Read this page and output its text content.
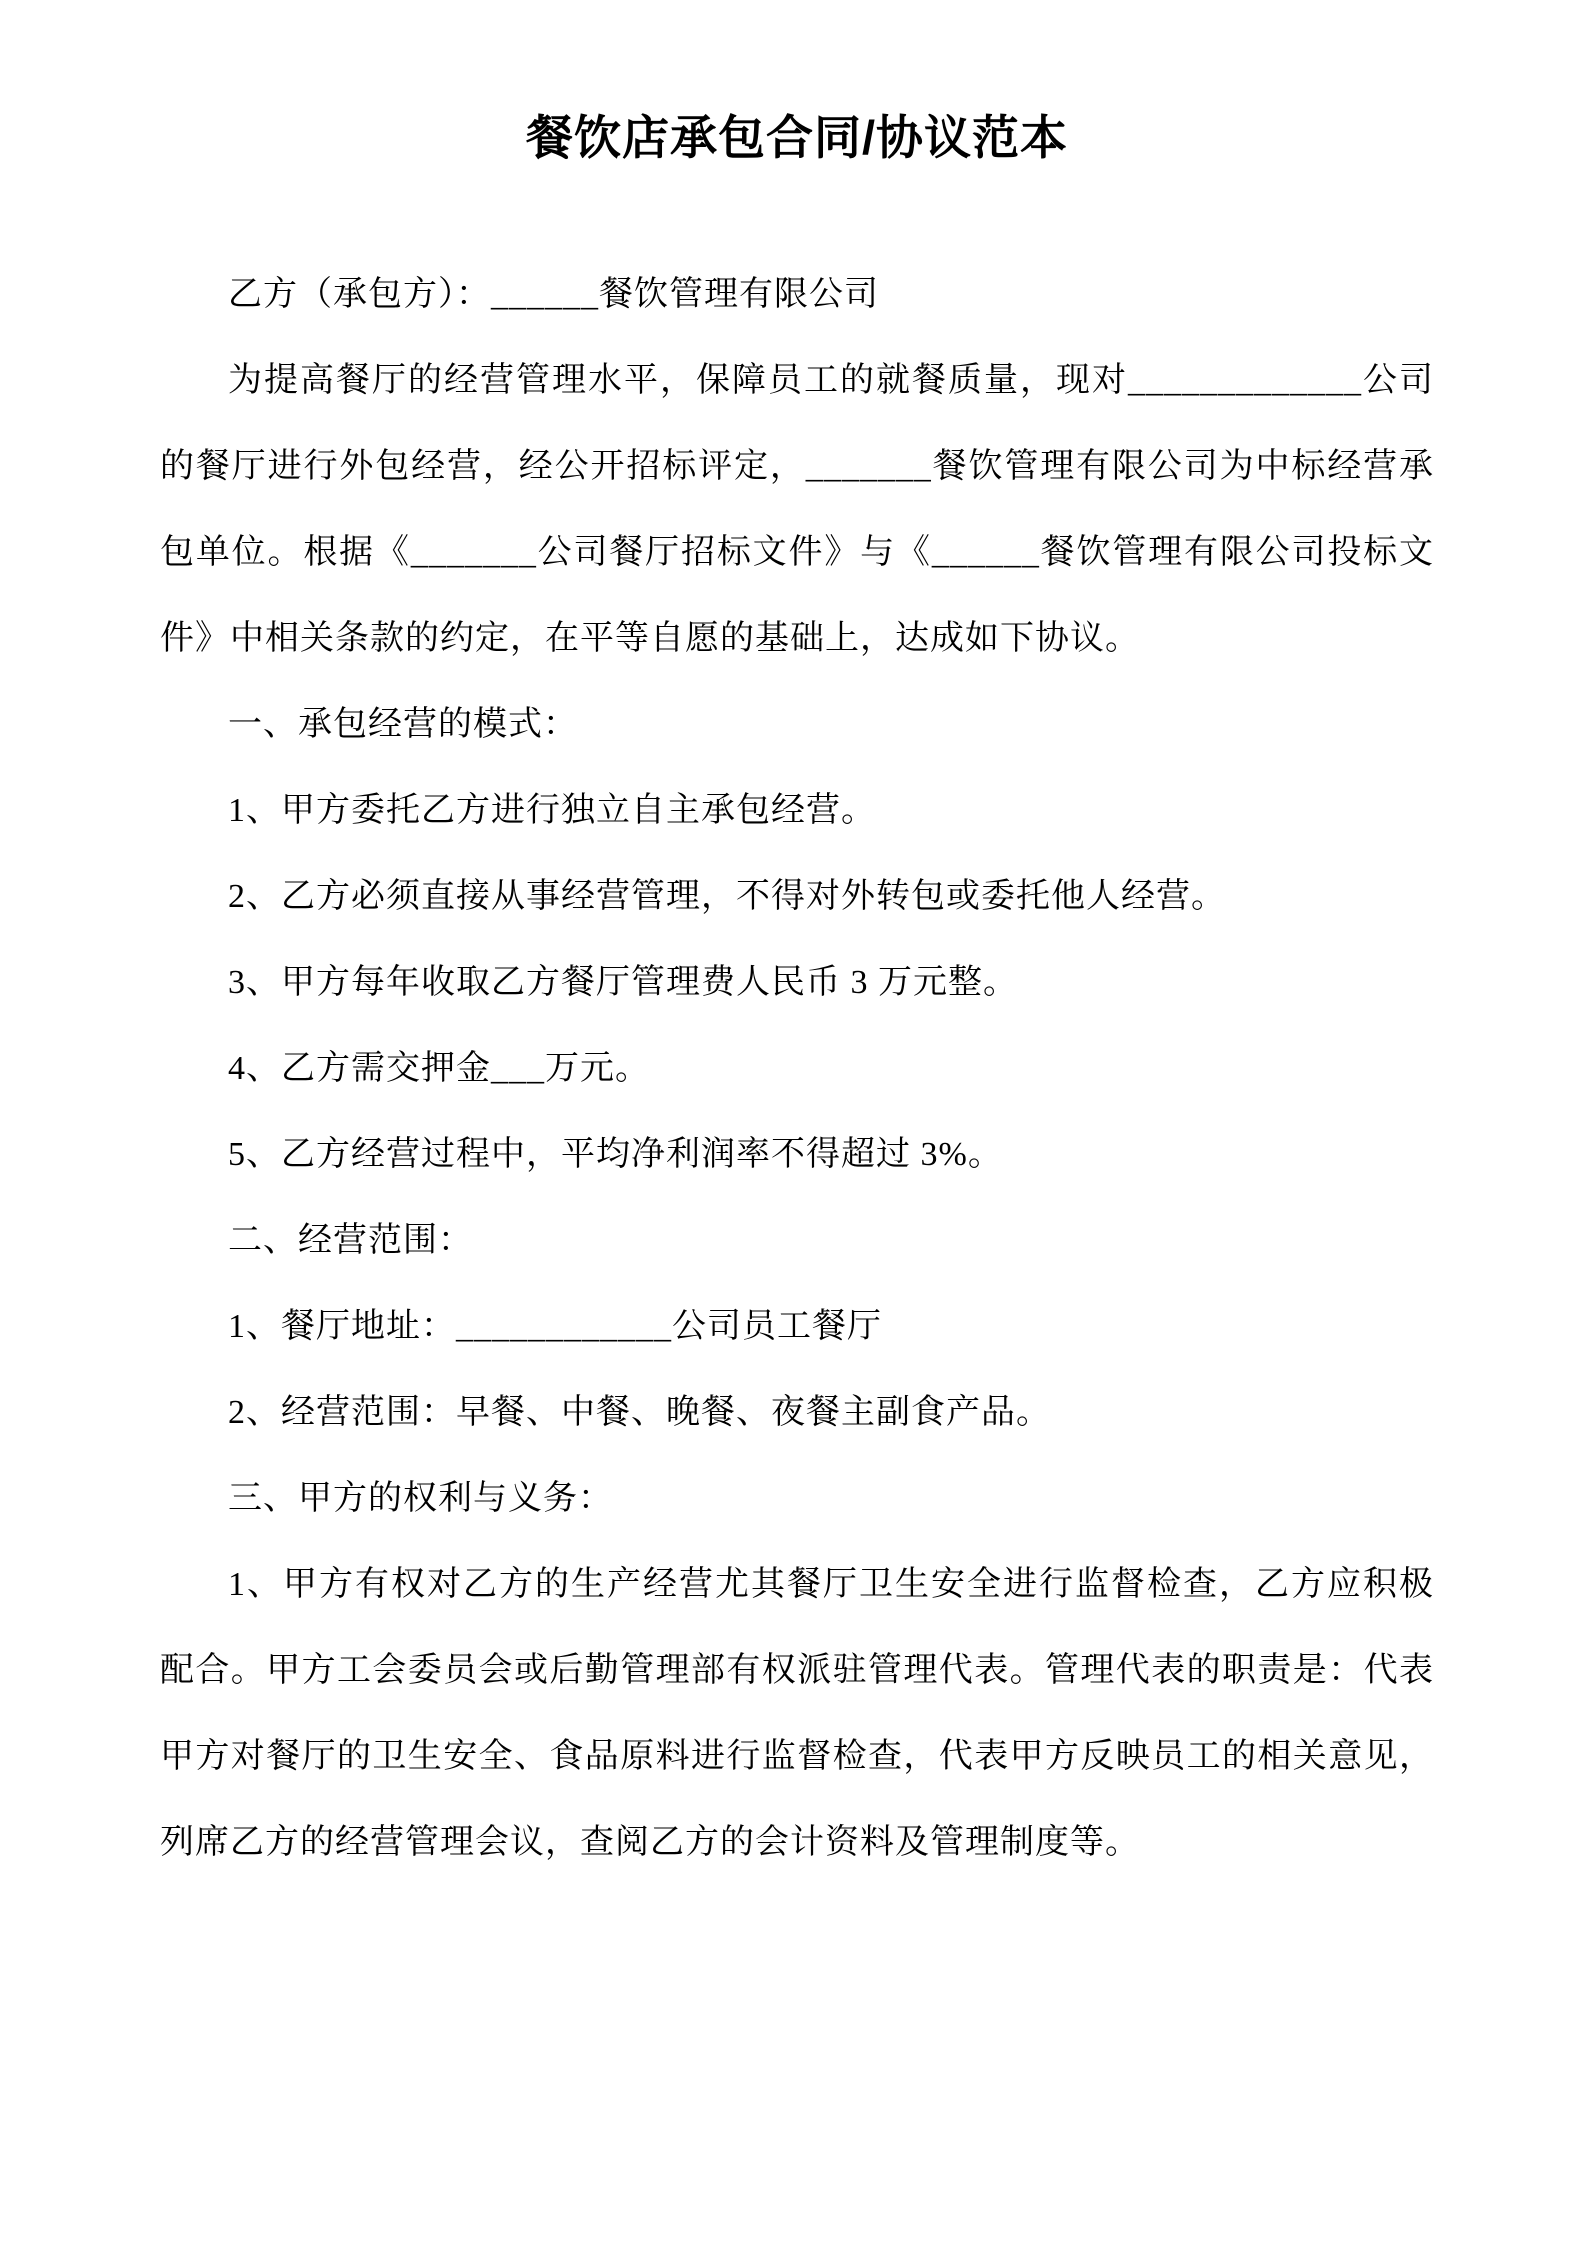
餐饮店承包合同/协议范本

乙方（承包方）：______餐饮管理有限公司

为提高餐厅的经营管理水平，保障员工的就餐质量，现对_____________公司的餐厅进行外包经营，经公开招标评定，_______餐饮管理有限公司为中标经营承包单位。根据《_______公司餐厅招标文件》与《______餐饮管理有限公司投标文件》中相关条款的约定，在平等自愿的基础上，达成如下协议。

一、承包经营的模式：

1、甲方委托乙方进行独立自主承包经营。

2、乙方必须直接从事经营管理，不得对外转包或委托他人经营。

3、甲方每年收取乙方餐厅管理费人民币 3 万元整。

4、乙方需交押金___万元。

5、乙方经营过程中，平均净利润率不得超过 3%。

二、经营范围：

1、餐厅地址：____________公司员工餐厅

2、经营范围：早餐、中餐、晚餐、夜餐主副食产品。

三、甲方的权利与义务：

1、甲方有权对乙方的生产经营尤其餐厅卫生安全进行监督检查，乙方应积极配合。甲方工会委员会或后勤管理部有权派驻管理代表。管理代表的职责是：代表甲方对餐厅的卫生安全、食品原料进行监督检查，代表甲方反映员工的相关意见，列席乙方的经营管理会议，查阅乙方的会计资料及管理制度等。
